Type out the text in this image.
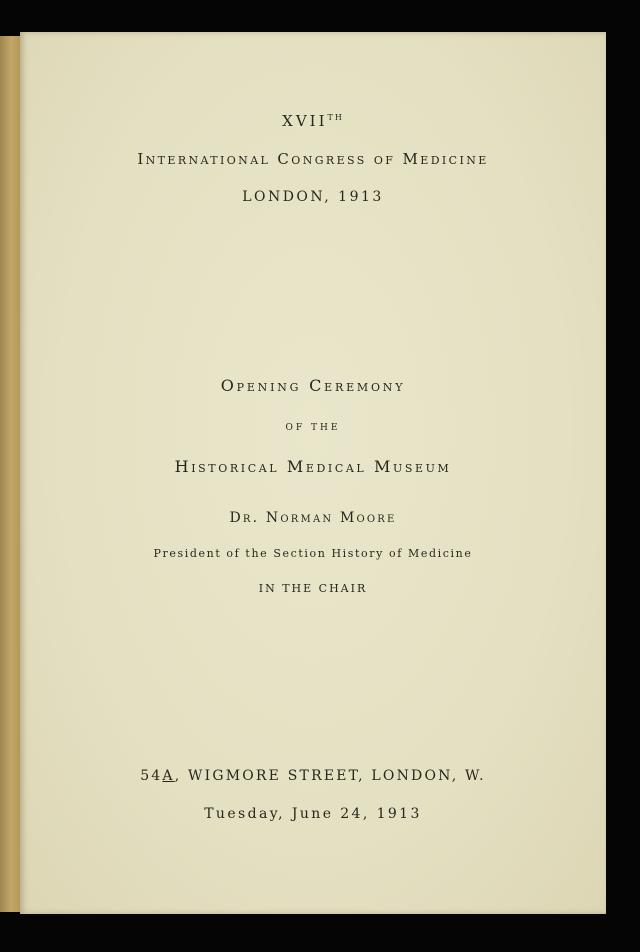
XVIITH
International Congress of Medicine
LONDON, 1913
Opening Ceremony
OF THE
Historical Medical Museum
Dr. Norman Moore
President of the Section History of Medicine
IN THE CHAIR
54A, WIGMORE STREET, LONDON, W.
Tuesday, June 24, 1913
